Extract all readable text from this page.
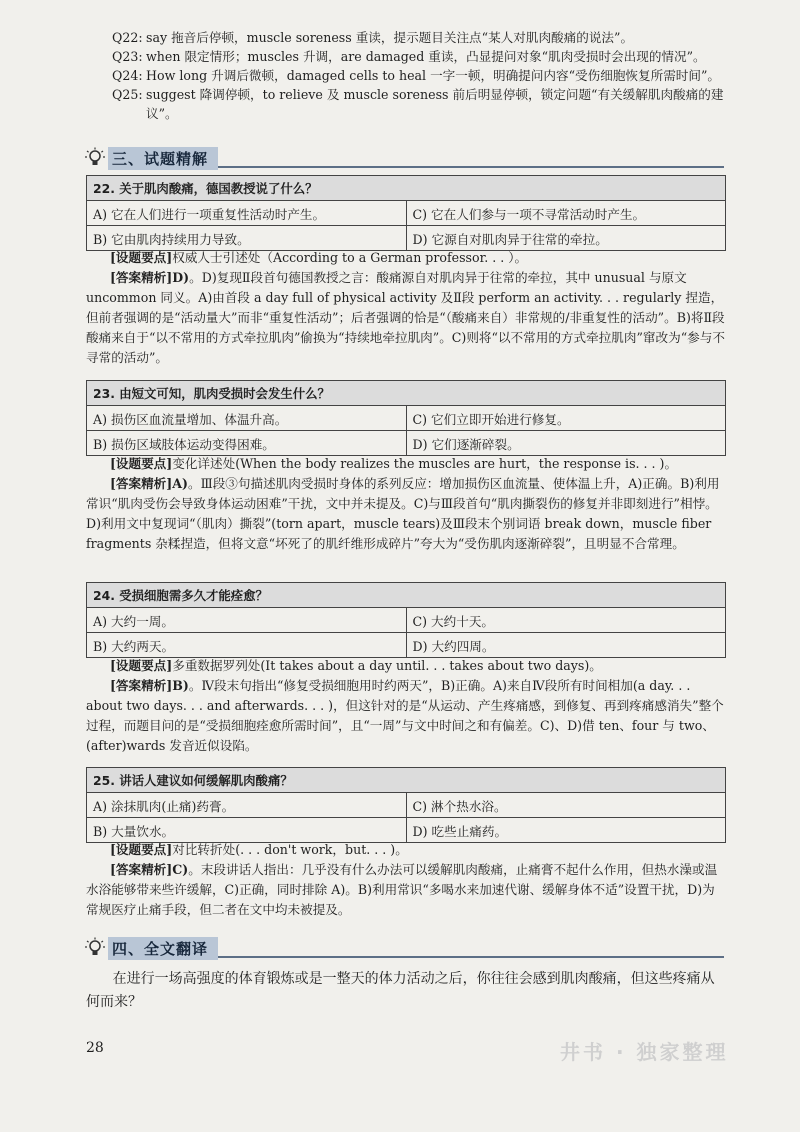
Q22: say 拖音后停顿，muscle soreness 重读，提示题目关注点“某人对肌肉酸痛的说法”。
Q23: when 限定情形；muscles 升调，are damaged 重读，凸显提问对象“肌肉受损时会出现的情况”。
Q24: How long 升调后微顿，damaged cells to heal 一字一顿，明确提问内容“受伤细胞恢复所需时间”。
Q25: suggest 降调停顿，to relieve 及 muscle soreness 前后明显停顿，锁定问题“有关缓解肌肉酸痛的建议”。
三、试题精解
22. 关于肌肉酸痛，德国教授说了什么？	
A) 它在人们进行一项重复性活动时产生。	C) 它在人们参与一项不寻常活动时产生。
B) 它由肌肉持续用力导致。	D) 它源自对肌肉异于往常的牵拉。

[设题要点]权威人士引述处（According to a German professor. . . ）。

[答案精析]D)。D)复现Ⅱ段首句德国教授之言：酸痛源自对肌肉异于往常的牵拉，其中 unusual 与原文 uncommon 同义。A)由首段 a day full of physical activity 及Ⅱ段 perform an activity. . . regularly 捏造，但前者强调的是“活动量大”而非“重复性活动”；后者强调的恰是“（酸痛来自）非常规的/非重复性的活动”。B)将Ⅱ段酸痛来自于“以不常用的方式牵拉肌肉”偷换为“持续地牵拉肌肉”。C)则将“以不常用的方式牵拉肌肉”窜改为“参与不寻常的活动”。

23. 由短文可知，肌肉受损时会发生什么？	
A) 损伤区血流量增加、体温升高。	C) 它们立即开始进行修复。
B) 损伤区域肢体运动变得困难。	D) 它们逐渐碎裂。

[设题要点]变化详述处(When the body realizes the muscles are hurt，the response is. . . )。

[答案精析]A)。Ⅲ段③句描述肌肉受损时身体的系列反应：增加损伤区血流量、使体温上升，A)正确。B)利用常识“肌肉受伤会导致身体运动困难”干扰，文中并未提及。C)与Ⅲ段首句“肌肉撕裂伤的修复并非即刻进行”相悖。D)利用文中复现词“（肌肉）撕裂”(torn apart，muscle tears)及Ⅲ段末个别词语 break down，muscle fiber fragments 杂糅捏造，但将文意“坏死了的肌纤维形成碎片”夸大为“受伤肌肉逐渐碎裂”，且明显不合常理。

24. 受损细胞需多久才能痊愈？	
A) 大约一周。	C) 大约十天。
B) 大约两天。	D) 大约四周。

[设题要点]多重数据罗列处(It takes about a day until. . . takes about two days)。

[答案精析]B)。Ⅳ段末句指出“修复受损细胞用时约两天”，B)正确。A)来自Ⅳ段所有时间相加(a day. . . about two days. . . and afterwards. . . )，但这针对的是“从运动、产生疼痛感，到修复、再到疼痛感消失”整个过程，而题目问的是“受损细胞痊愈所需时间”，且“一周”与文中时间之和有偏差。C)、D)借 ten、four 与 two、(after)wards 发音近似设陷。

25. 讲话人建议如何缓解肌肉酸痛？	
A) 涂抹肌肉(止痛)药膏。	C) 淋个热水浴。
B) 大量饮水。	D) 吃些止痛药。

[设题要点]对比转折处(. . . don't work，but. . . )。

[答案精析]C)。末段讲话人指出：几乎没有什么办法可以缓解肌肉酸痛，止痛膏不起什么作用，但热水澡或温水浴能够带来些许缓解，C)正确，同时排除 A)。B)利用常识“多喝水来加速代谢、缓解身体不适”设置干扰，D)为常规医疗止痛手段，但二者在文中均未被提及。

四、全文翻译

在进行一场高强度的体育锻炼或是一整天的体力活动之后，你往往会感到肌肉酸痛，但这些疼痛从何而来？

28	井书 · 独家整理
